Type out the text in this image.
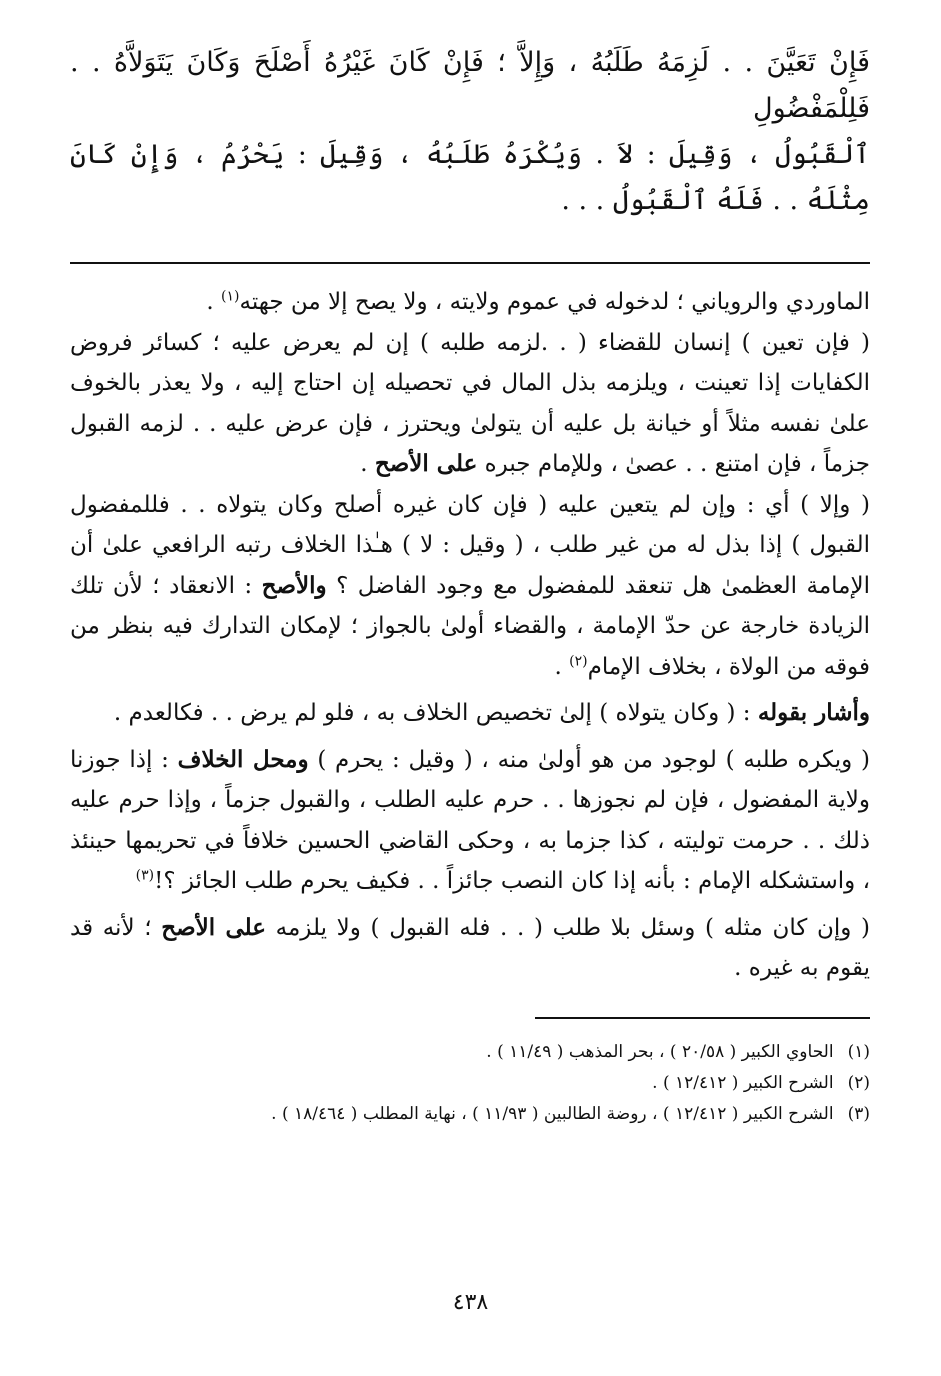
فَإِنْ تَعَيَّنَ . . لَزِمَهُ طَلَبُهُ ، وَإِلاَّ ؛ فَإِنْ كَانَ غَيْرُهُ أَصْلَحَ وَكَانَ يَتَوَلاَّهُ . . فَلِلْمَفْضُولِ

ٱلْقَبُولُ ، وَقِيلَ : لاَ . وَيُكْرَهُ طَلَبُهُ ، وَقِيلَ : يَحْرُمُ ، وَإِنْ كَانَ مِثْلَهُ . . فَلَهُ ٱلْقَبُولُ . . .

الماوردي والروياني ؛ لدخوله في عموم ولايته ، ولا يصح إلا من جهته$^{(١)}$ .

( فإن تعين ) إنسان للقضاء ( . .لزمه طلبه ) إن لم يعرض عليه ؛ كسائر فروض الكفايات إذا تعينت ، ويلزمه بذل المال في تحصيله إن احتاج إليه ، ولا يعذر بالخوف علىٰ نفسه مثلاً أو خيانة بل عليه أن يتولىٰ ويحترز ، فإن عرض عليه . . لزمه القبول جزماً ، فإن امتنع . . عصىٰ ، وللإمام جبره على الأصح .

( وإلا ) أي : وإن لم يتعين عليه ( فإن كان غيره أصلح وكان يتولاه . . فللمفضول القبول ) إذا بذل له من غير طلب ، ( وقيل : لا ) هـٰذا الخلاف رتبه الرافعي علىٰ أن الإمامة العظمىٰ هل تنعقد للمفضول مع وجود الفاضل ؟ والأصح : الانعقاد ؛ لأن تلك الزيادة خارجة عن حدّ الإمامة ، والقضاء أولىٰ بالجواز ؛ لإمكان التدارك فيه بنظر من فوقه من الولاة ، بخلاف الإمام$^{(٢)}$ .

وأشار بقوله : ( وكان يتولاه ) إلىٰ تخصيص الخلاف به ، فلو لم يرض . . فكالعدم .

( ويكره طلبه ) لوجود من هو أولىٰ منه ، ( وقيل : يحرم ) ومحل الخلاف : إذا جوزنا ولاية المفضول ، فإن لم نجوزها . . حرم عليه الطلب ، والقبول جزماً ، وإذا حرم عليه ذلك . . حرمت توليته ، كذا جزما به ، وحكى القاضي الحسين خلافاً في تحريمها حينئذ ، واستشكله الإمام : بأنه إذا كان النصب جائزاً . . فكيف يحرم طلب الجائز ؟!$^{(٣)}$

( وإن كان مثله ) وسئل بلا طلب ( . . فله القبول ) ولا يلزمه على الأصح ؛ لأنه قد يقوم به غيره .

(١)الحاوي الكبير ( ٢٠/٥٨ ) ، بحر المذهب ( ١١/٤٩ ) .
(٢)الشرح الكبير ( ١٢/٤١٢ ) .
(٣)الشرح الكبير ( ١٢/٤١٢ ) ، روضة الطالبين ( ١١/٩٣ ) ، نهاية المطلب ( ١٨/٤٦٤ ) .
٤٣٨
